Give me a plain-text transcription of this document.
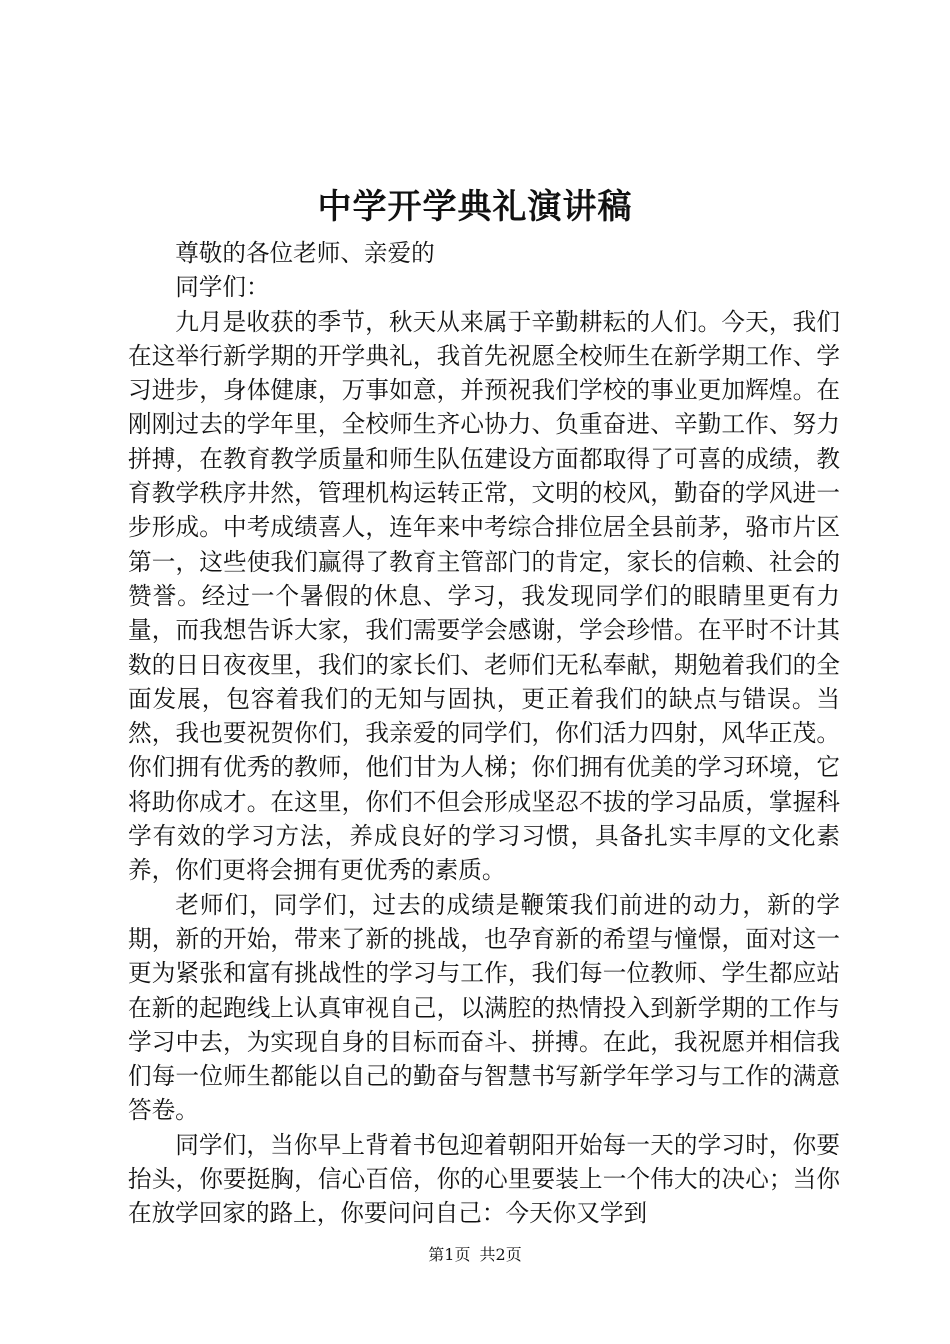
中学开学典礼演讲稿

尊敬的各位老师、亲爱的

同学们：

九月是收获的季节，秋天从来属于辛勤耕耘的人们。今天，我们在这举行新学期的开学典礼，我首先祝愿全校师生在新学期工作、学习进步，身体健康，万事如意，并预祝我们学校的事业更加辉煌。在刚刚过去的学年里，全校师生齐心协力、负重奋进、辛勤工作、努力拼搏，在教育教学质量和师生队伍建设方面都取得了可喜的成绩，教育教学秩序井然，管理机构运转正常，文明的校风，勤奋的学风进一步形成。中考成绩喜人，连年来中考综合排位居全县前茅，骆市片区第一，这些使我们赢得了教育主管部门的肯定，家长的信赖、社会的赞誉。经过一个暑假的休息、学习，我发现同学们的眼睛里更有力量，而我想告诉大家，我们需要学会感谢，学会珍惜。在平时不计其数的日日夜夜里，我们的家长们、老师们无私奉献，期勉着我们的全面发展，包容着我们的无知与固执，更正着我们的缺点与错误。当然，我也要祝贺你们，我亲爱的同学们，你们活力四射，风华正茂。你们拥有优秀的教师，他们甘为人梯；你们拥有优美的学习环境，它将助你成才。在这里，你们不但会形成坚忍不拔的学习品质，掌握科学有效的学习方法，养成良好的学习习惯，具备扎实丰厚的文化素养，你们更将会拥有更优秀的素质。

老师们，同学们，过去的成绩是鞭策我们前进的动力，新的学期，新的开始，带来了新的挑战，也孕育新的希望与憧憬，面对这一更为紧张和富有挑战性的学习与工作，我们每一位教师、学生都应站在新的起跑线上认真审视自己，以满腔的热情投入到新学期的工作与学习中去，为实现自身的目标而奋斗、拼搏。在此，我祝愿并相信我们每一位师生都能以自己的勤奋与智慧书写新学年学习与工作的满意答卷。

同学们，当你早上背着书包迎着朝阳开始每一天的学习时，你要抬头，你要挺胸，信心百倍，你的心里要装上一个伟大的决心；当你在放学回家的路上，你要问问自己：今天你又学到

第1页 共2页
